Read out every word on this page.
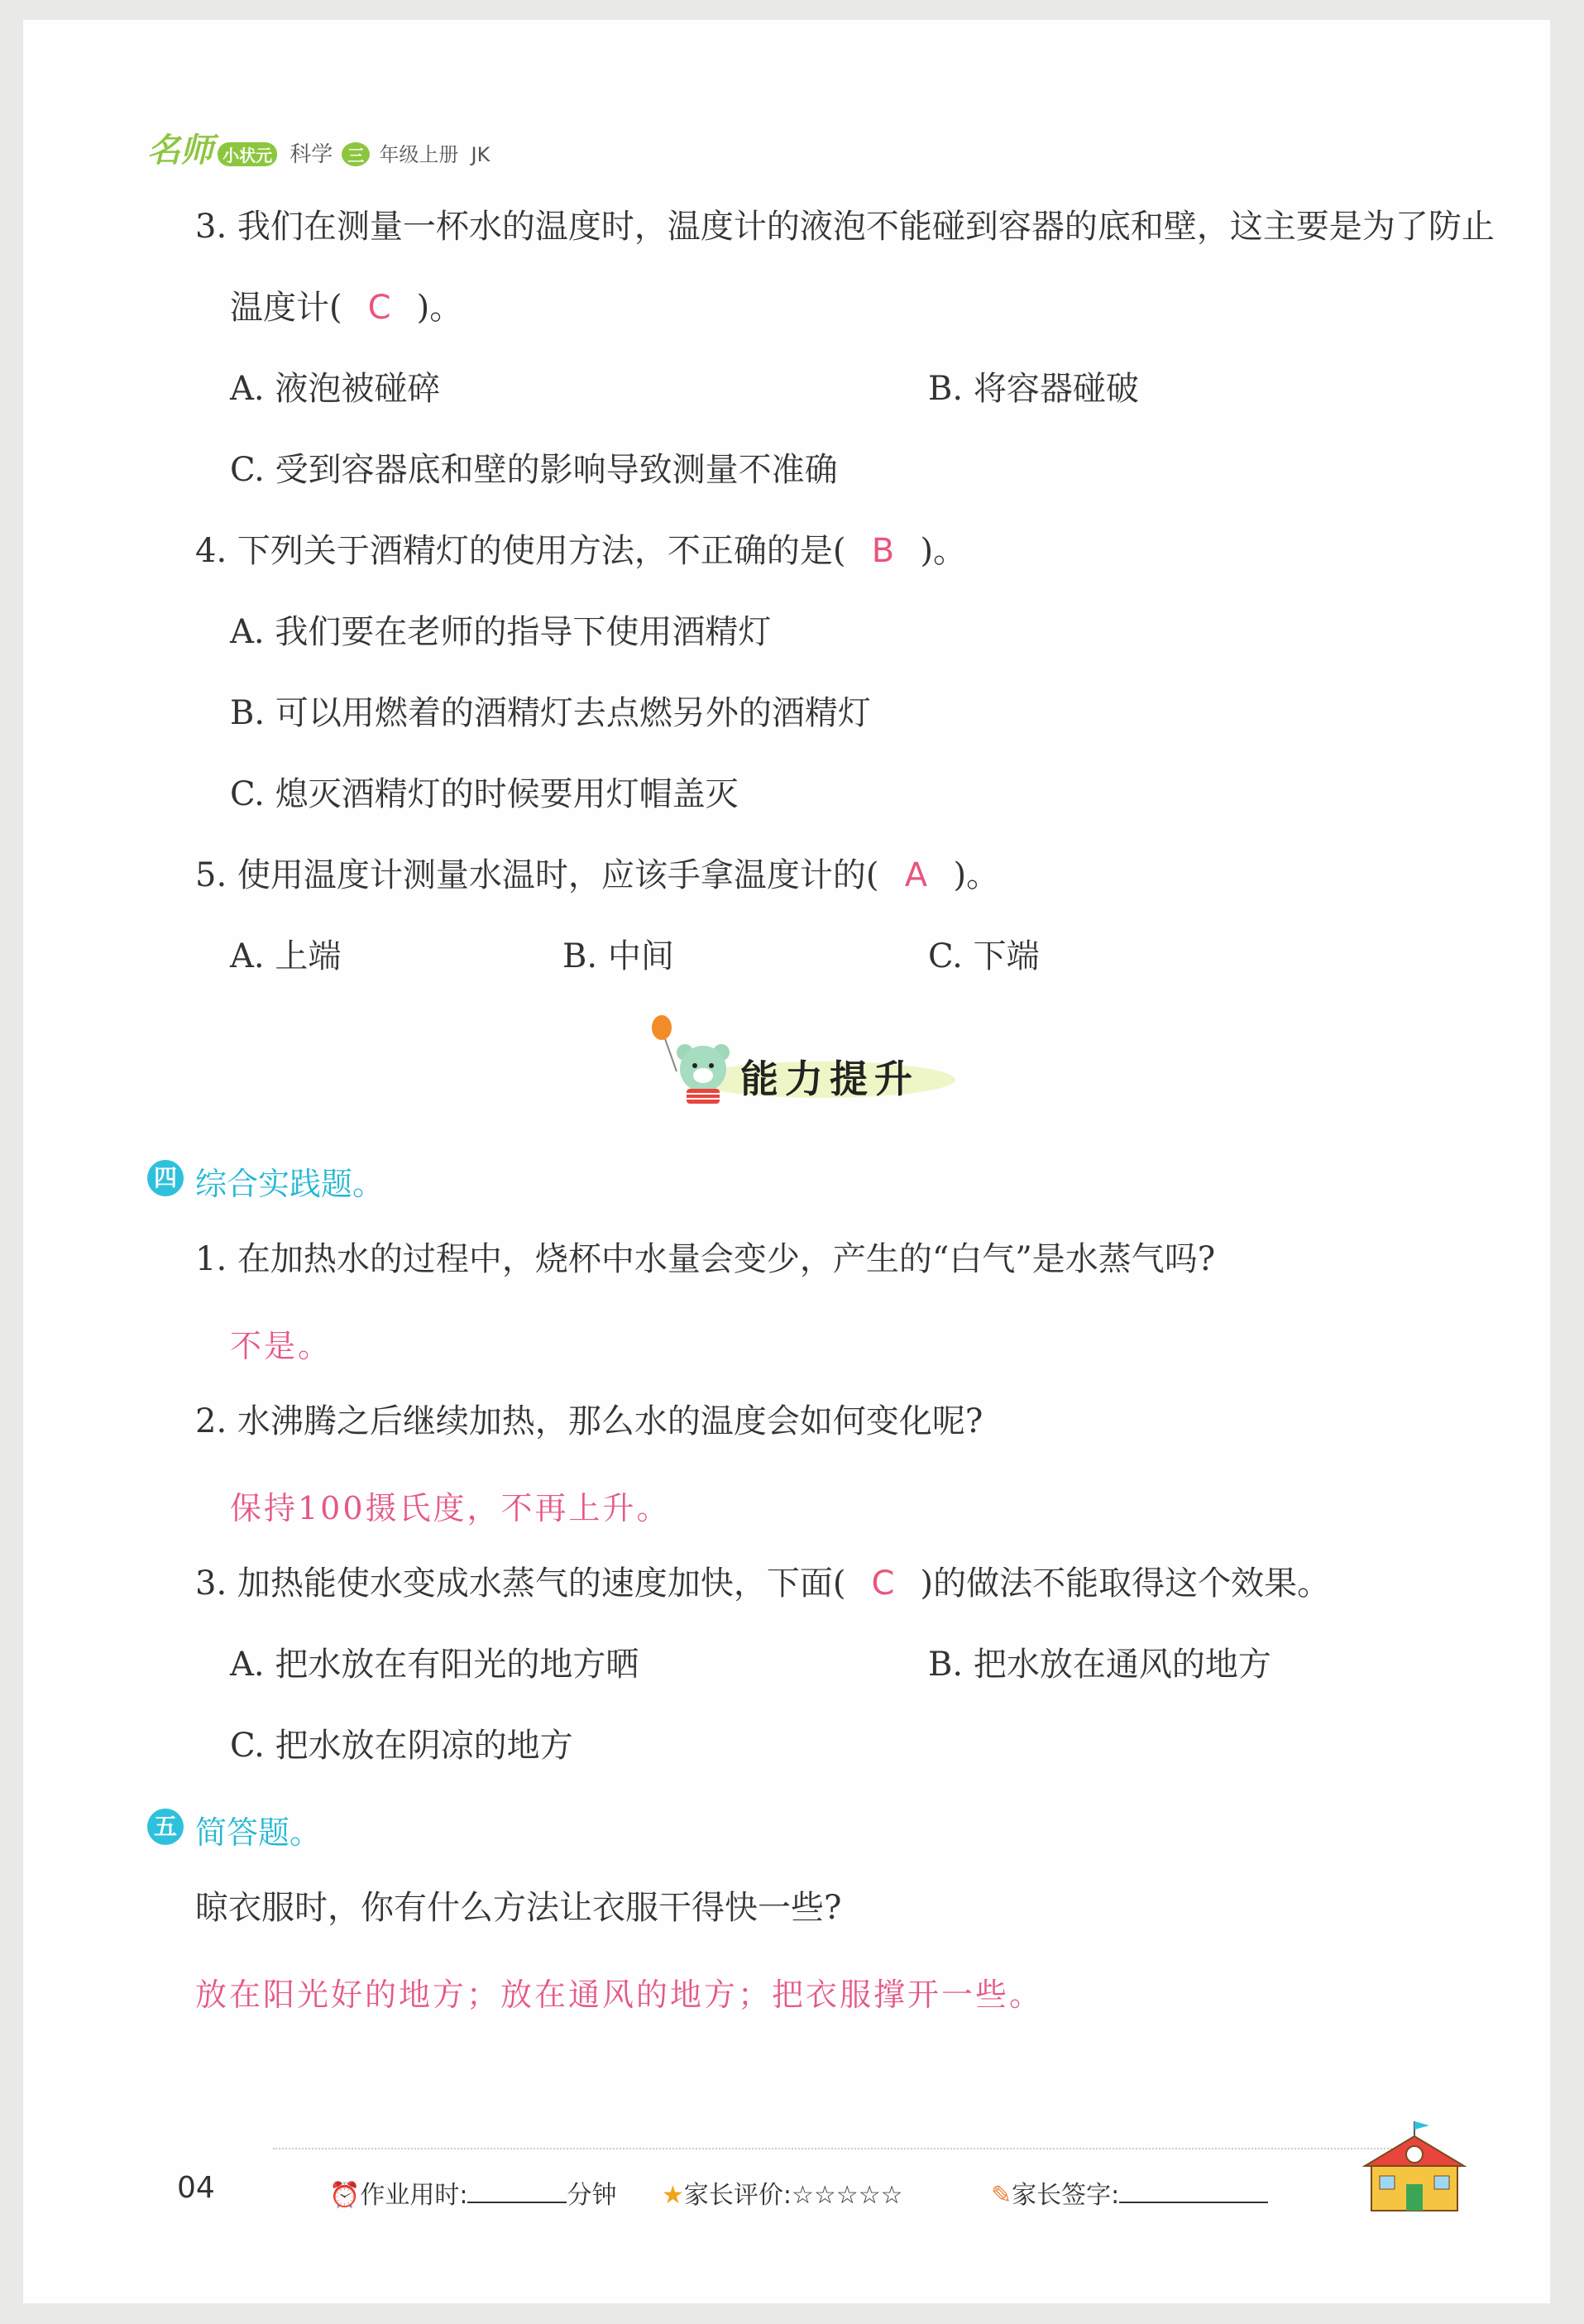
名师 小状元 科学 三 年级上册 JK
3. 我们在测量一杯水的温度时，温度计的液泡不能碰到容器的底和壁，这主要是为了防止
温度计( C )。
A. 液泡被碰碎	B. 将容器碰破
C. 受到容器底和壁的影响导致测量不准确
4. 下列关于酒精灯的使用方法，不正确的是( B )。
A. 我们要在老师的指导下使用酒精灯
B. 可以用燃着的酒精灯去点燃另外的酒精灯
C. 熄灭酒精灯的时候要用灯帽盖灭
5. 使用温度计测量水温时，应该手拿温度计的( A )。
A. 上端	B. 中间	C. 下端
能力提升
四 综合实践题。
1. 在加热水的过程中，烧杯中水量会变少，产生的“白气”是水蒸气吗?
不是。
2. 水沸腾之后继续加热，那么水的温度会如何变化呢?
保持100摄氏度，不再上升。
3. 加热能使水变成水蒸气的速度加快，下面( C )的做法不能取得这个效果。
A. 把水放在有阳光的地方晒	B. 把水放在通风的地方
C. 把水放在阴凉的地方
五 简答题。
晾衣服时，你有什么方法让衣服干得快一些?
放在阳光好的地方；放在通风的地方；把衣服撑开一些。
04	⏰作业用时:	分钟 ★家长评价:☆☆☆☆☆	✎家长签字:
